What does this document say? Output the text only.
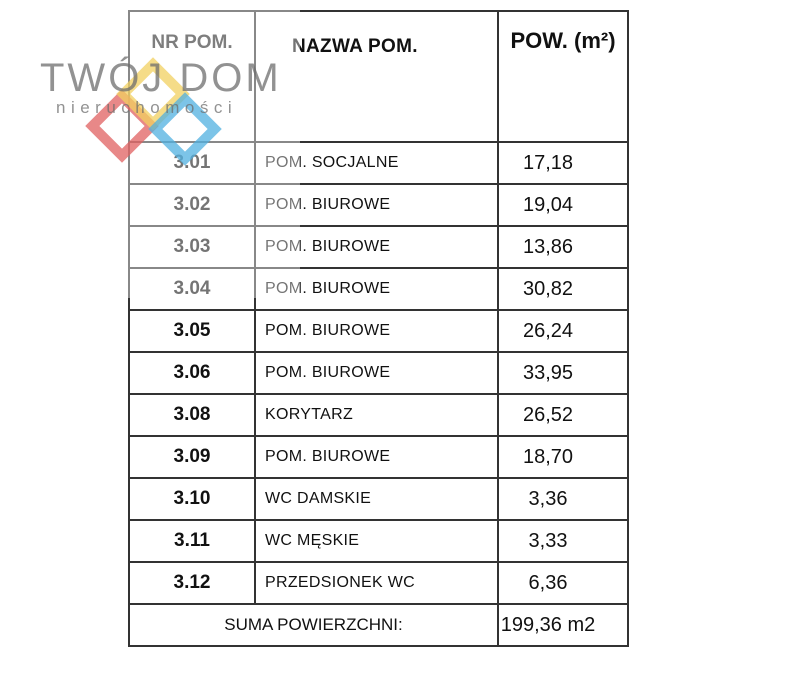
NR POM.	NAZWA POM.	POW. (m²)
3.01	POM. SOCJALNE	17,18
3.02	POM. BIUROWE	19,04
3.03	POM. BIUROWE	13,86
3.04	POM. BIUROWE	30,82
3.05	POM. BIUROWE	26,24
3.06	POM. BIUROWE	33,95
3.08	KORYTARZ	26,52
3.09	POM. BIUROWE	18,70
3.10	WC DAMSKIE	3,36
3.11	WC MĘSKIE	3,33
3.12	PRZEDSIONEK WC	6,36
SUMA POWIERZCHNI:		199,36 m2
TWÓJ DOM
nieruchomości
